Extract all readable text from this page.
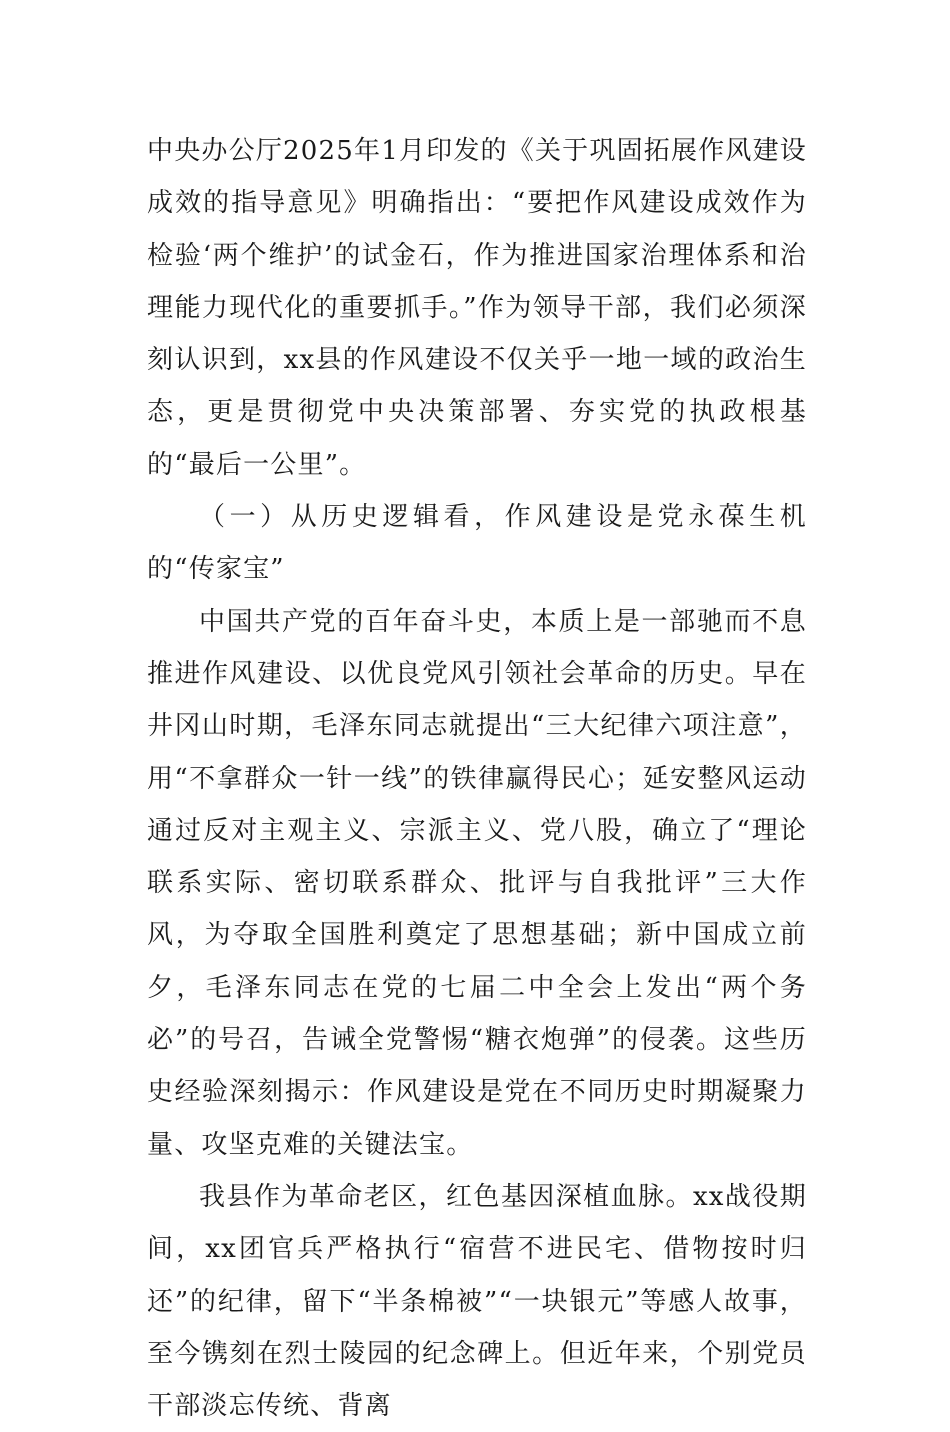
中央办公厅2025年1月印发的《关于巩固拓展作风建设成效的指导意见》明确指出：“要把作风建设成效作为检验‘两个维护’的试金石，作为推进国家治理体系和治理能力现代化的重要抓手。”作为领导干部，我们必须深刻认识到，xx县的作风建设不仅关乎一地一域的政治生态，更是贯彻党中央决策部署、夯实党的执政根基的“最后一公里”。

（一）从历史逻辑看，作风建设是党永葆生机的“传家宝”

中国共产党的百年奋斗史，本质上是一部驰而不息推进作风建设、以优良党风引领社会革命的历史。早在井冈山时期，毛泽东同志就提出“三大纪律六项注意”，用“不拿群众一针一线”的铁律赢得民心；延安整风运动通过反对主观主义、宗派主义、党八股，确立了“理论联系实际、密切联系群众、批评与自我批评”三大作风，为夺取全国胜利奠定了思想基础；新中国成立前夕，毛泽东同志在党的七届二中全会上发出“两个务必”的号召，告诫全党警惕“糖衣炮弹”的侵袭。这些历史经验深刻揭示：作风建设是党在不同历史时期凝聚力量、攻坚克难的关键法宝。

我县作为革命老区，红色基因深植血脉。xx战役期间，xx团官兵严格执行“宿营不进民宅、借物按时归还”的纪律，留下“半条棉被”“一块银元”等感人故事，至今镌刻在烈士陵园的纪念碑上。但近年来，个别党员干部淡忘传统、背离
